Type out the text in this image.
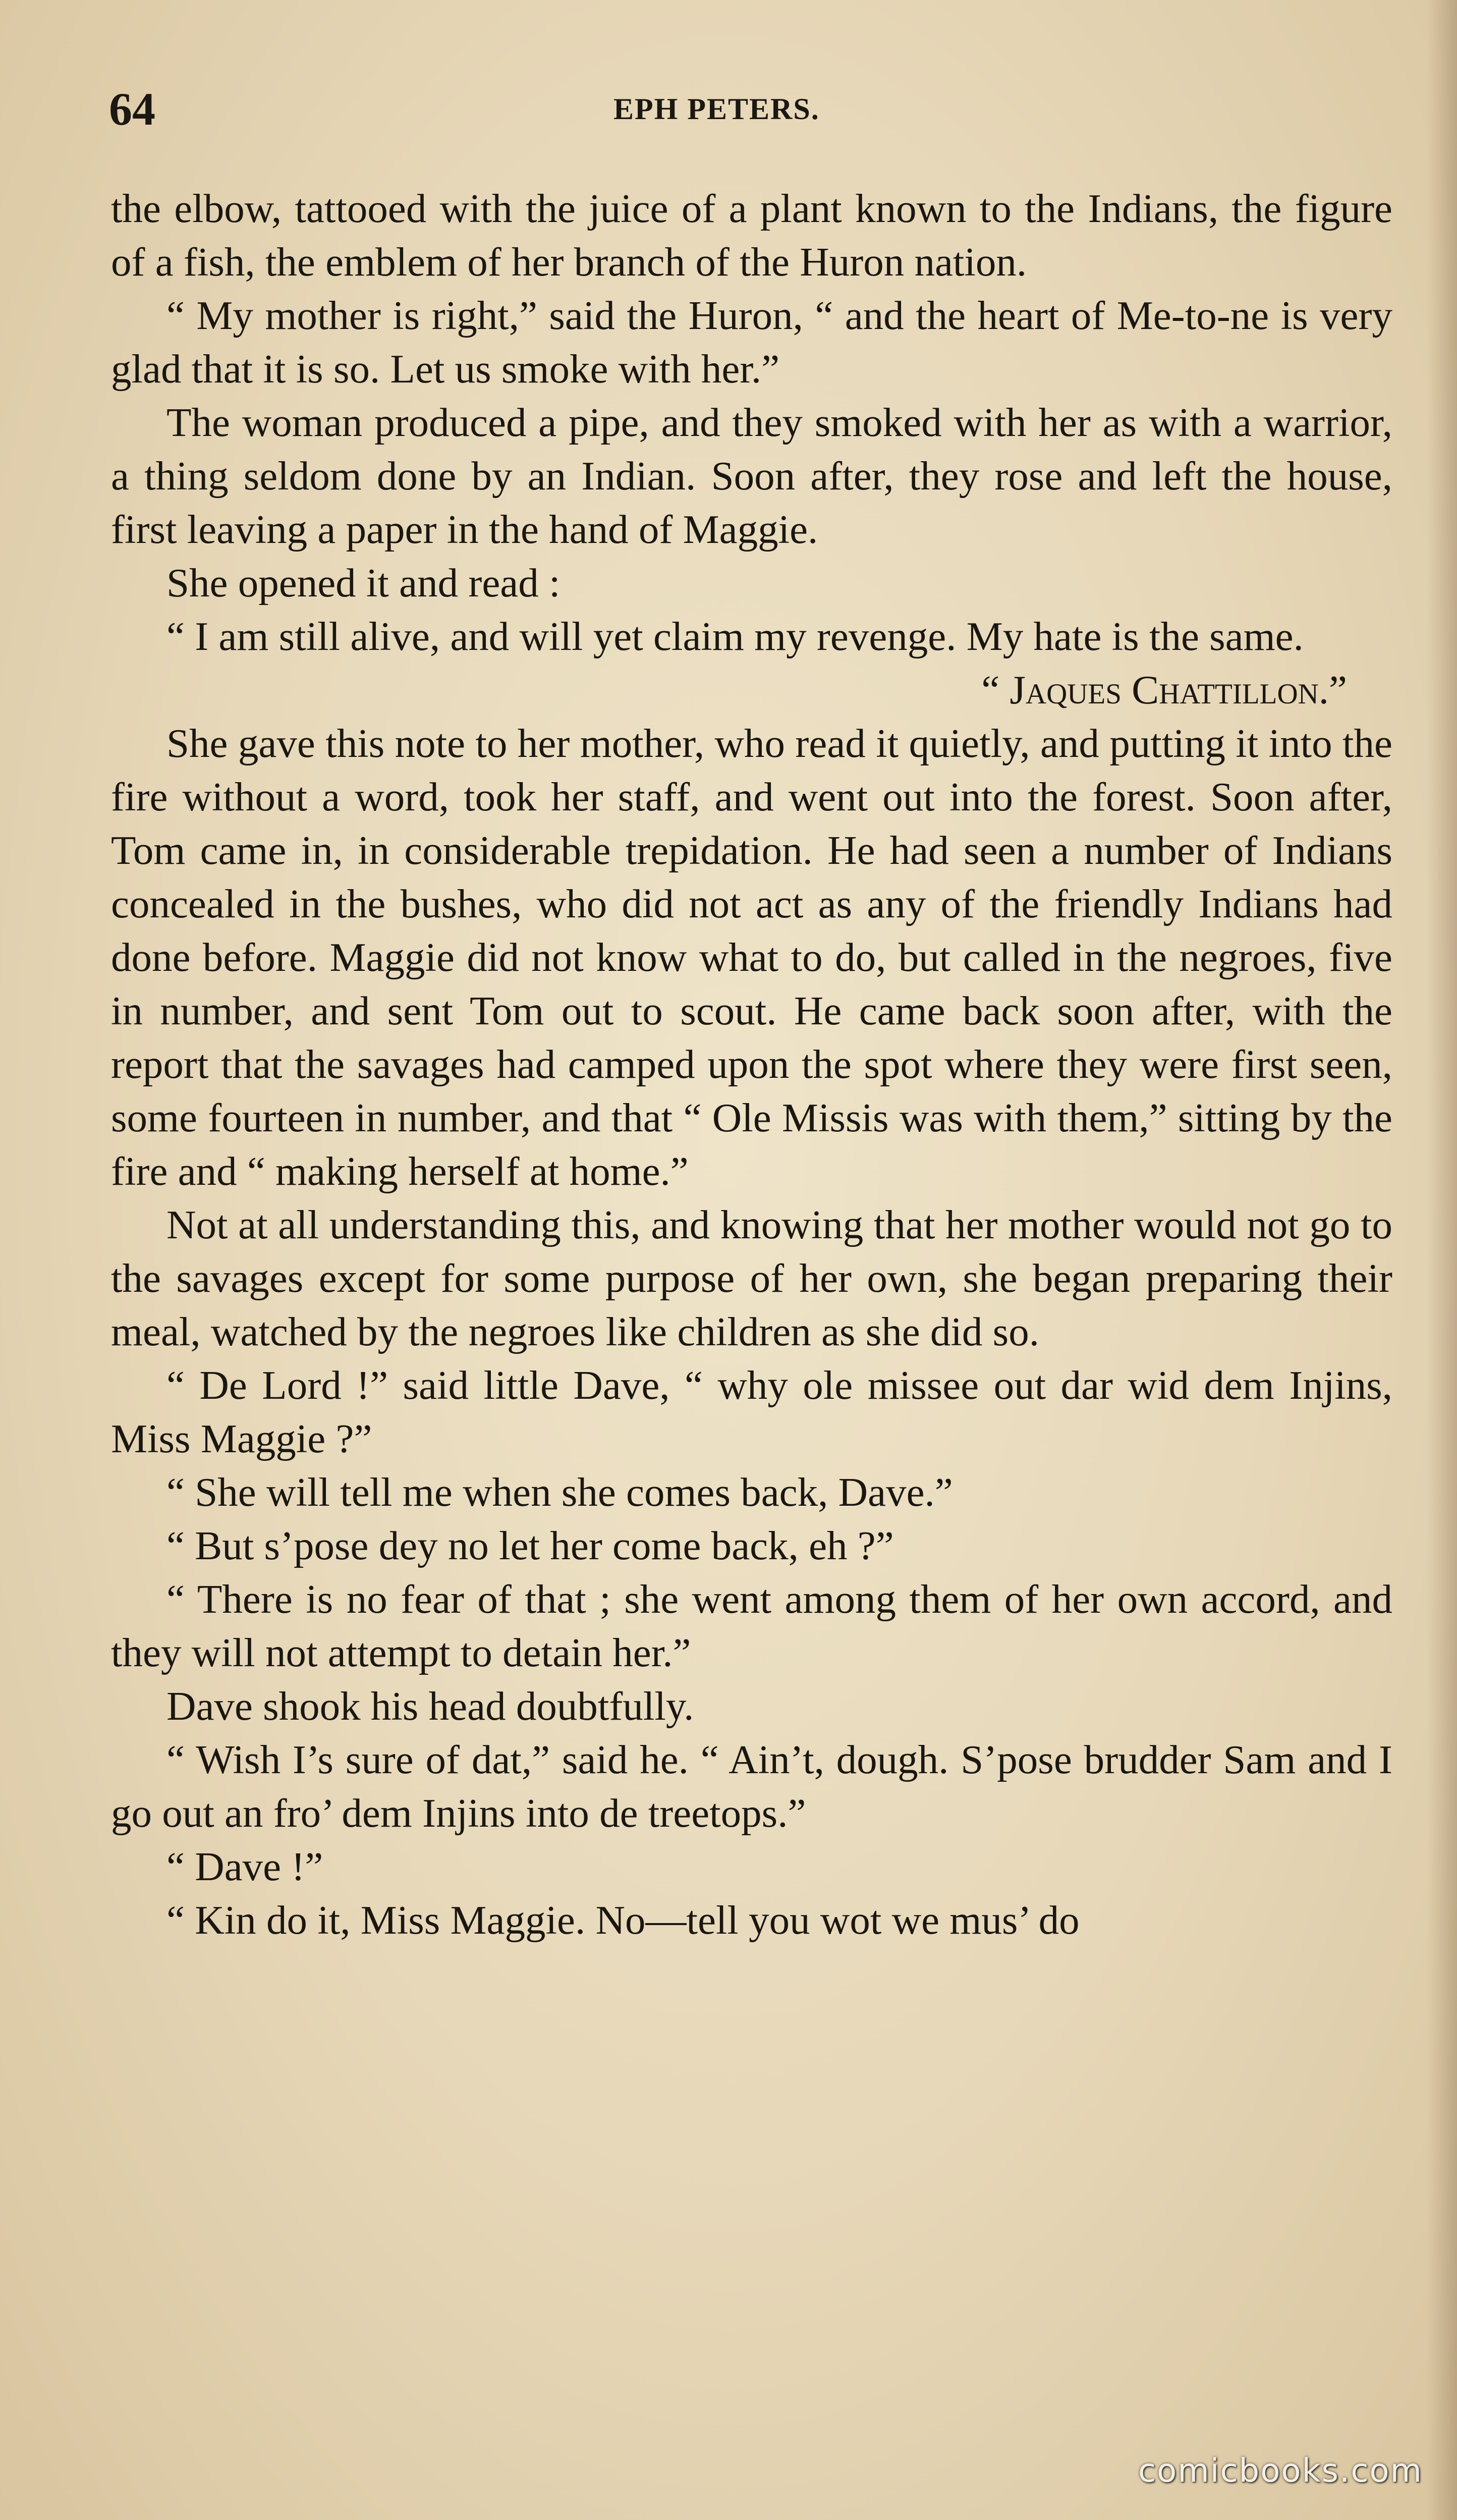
64	EPH PETERS.

the elbow, tattooed with the juice of a plant known to the Indians, the figure of a fish, the emblem of her branch of the Huron nation.

“ My mother is right,” said the Huron, “ and the heart of Me-to-ne is very glad that it is so. Let us smoke with her.”

The woman produced a pipe, and they smoked with her as with a warrior, a thing seldom done by an Indian. Soon after, they rose and left the house, first leaving a paper in the hand of Maggie.

She opened it and read :

“ I am still alive, and will yet claim my revenge. My hate is the same.

“ Jaques Chattillon.”

She gave this note to her mother, who read it quietly, and putting it into the fire without a word, took her staff, and went out into the forest. Soon after, Tom came in, in considerable trepidation. He had seen a number of Indians concealed in the bushes, who did not act as any of the friendly Indians had done before. Maggie did not know what to do, but called in the negroes, five in number, and sent Tom out to scout. He came back soon after, with the report that the savages had camped upon the spot where they were first seen, some fourteen in number, and that “ Ole Missis was with them,” sitting by the fire and “ making herself at home.”

Not at all understanding this, and knowing that her mother would not go to the savages except for some purpose of her own, she began preparing their meal, watched by the negroes like children as she did so.

“ De Lord !” said little Dave, “ why ole missee out dar wid dem Injins, Miss Maggie ?”

“ She will tell me when she comes back, Dave.”

“ But s’pose dey no let her come back, eh ?”

“ There is no fear of that ; she went among them of her own accord, and they will not attempt to detain her.”

Dave shook his head doubtfully.

“ Wish I’s sure of dat,” said he. “ Ain’t, dough. S’pose brudder Sam and I go out an fro’ dem Injins into de treetops.”

“ Dave !”

“ Kin do it, Miss Maggie. No—tell you wot we mus’ do

comicbooks.com
